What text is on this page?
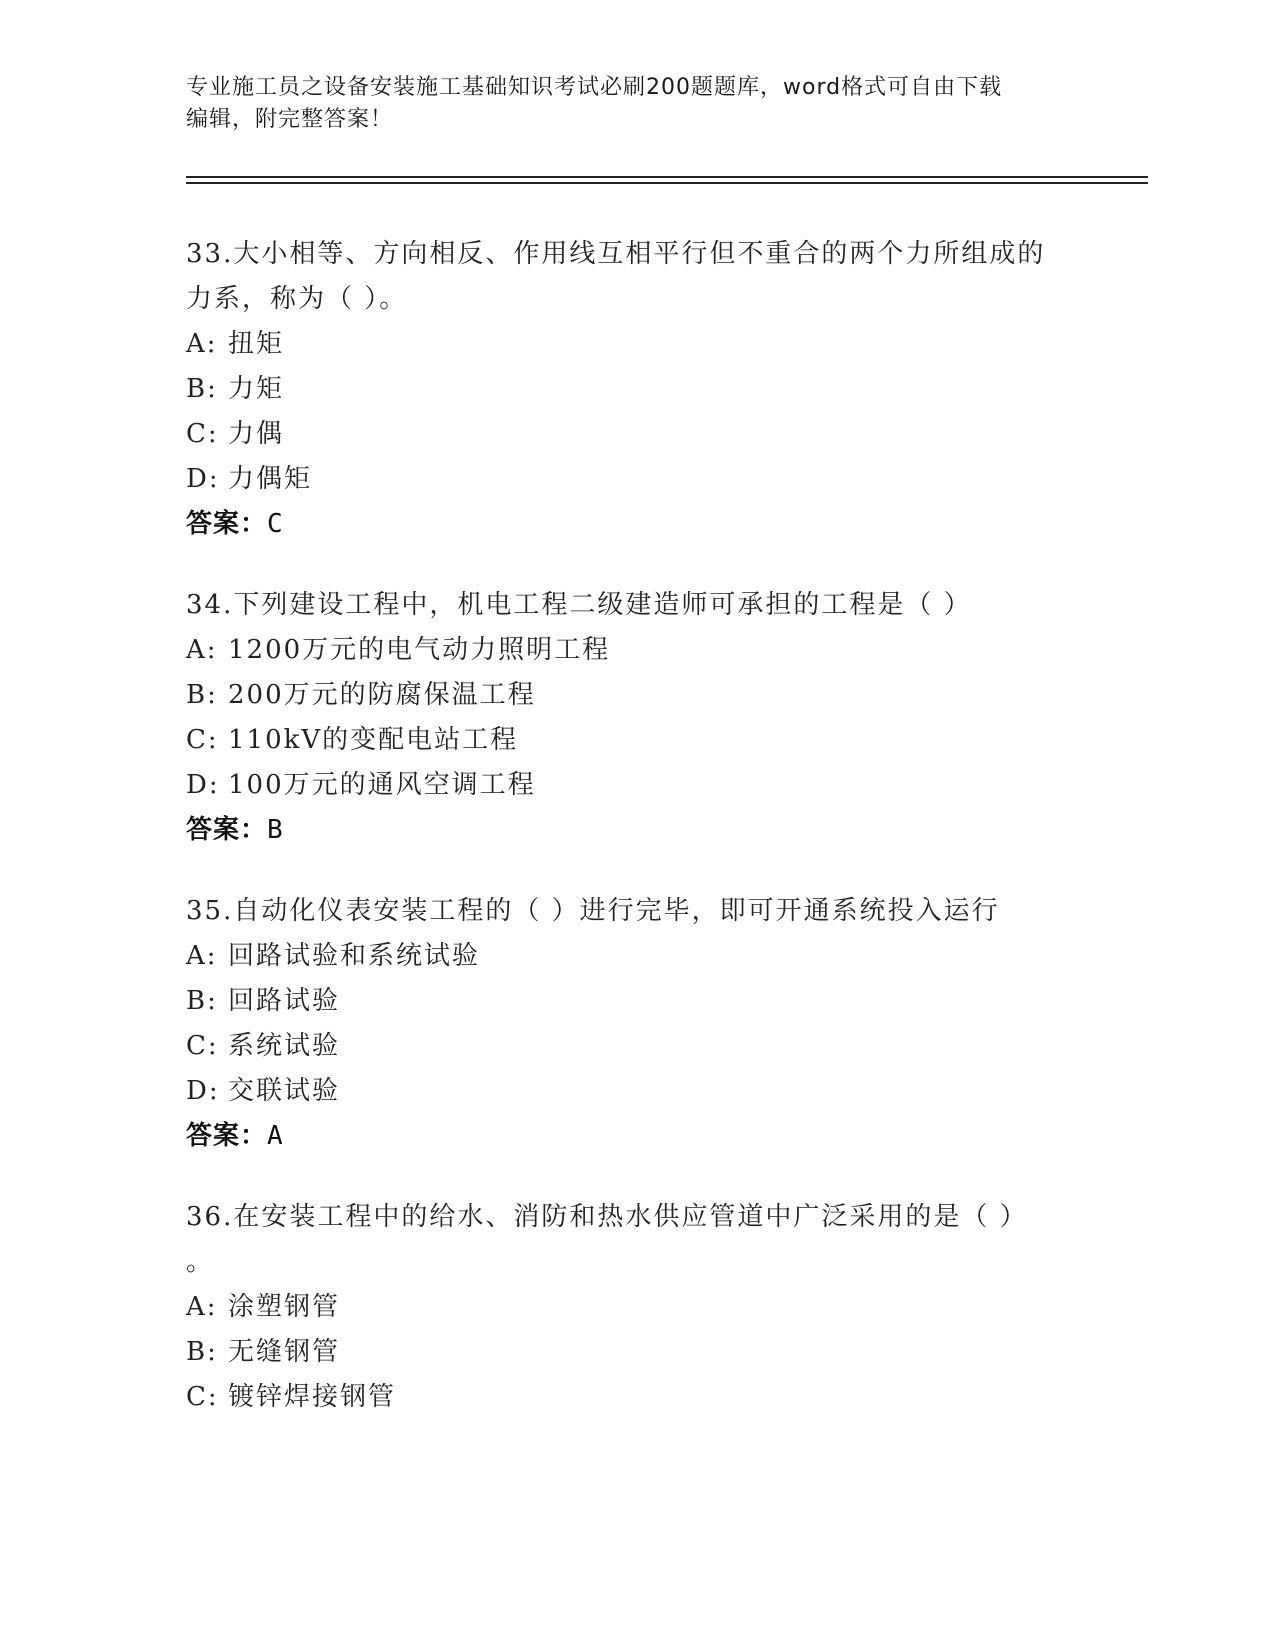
专业施工员之设备安装施工基础知识考试必刷200题题库，word格式可自由下载
编辑，附完整答案！
33.大小相等、方向相反、作用线互相平行但不重合的两个力所组成的
力系，称为（ ）。
A: 扭矩
B: 力矩
C: 力偶
D: 力偶矩
答案：C
34.下列建设工程中，机电工程二级建造师可承担的工程是（ ）
A: 1200万元的电气动力照明工程
B: 200万元的防腐保温工程
C: 110kV的变配电站工程
D: 100万元的通风空调工程
答案：B
35.自动化仪表安装工程的（ ）进行完毕，即可开通系统投入运行
A: 回路试验和系统试验
B: 回路试验
C: 系统试验
D: 交联试验
答案：A
36.在安装工程中的给水、消防和热水供应管道中广泛采用的是（ ）
。
A: 涂塑钢管
B: 无缝钢管
C: 镀锌焊接钢管
